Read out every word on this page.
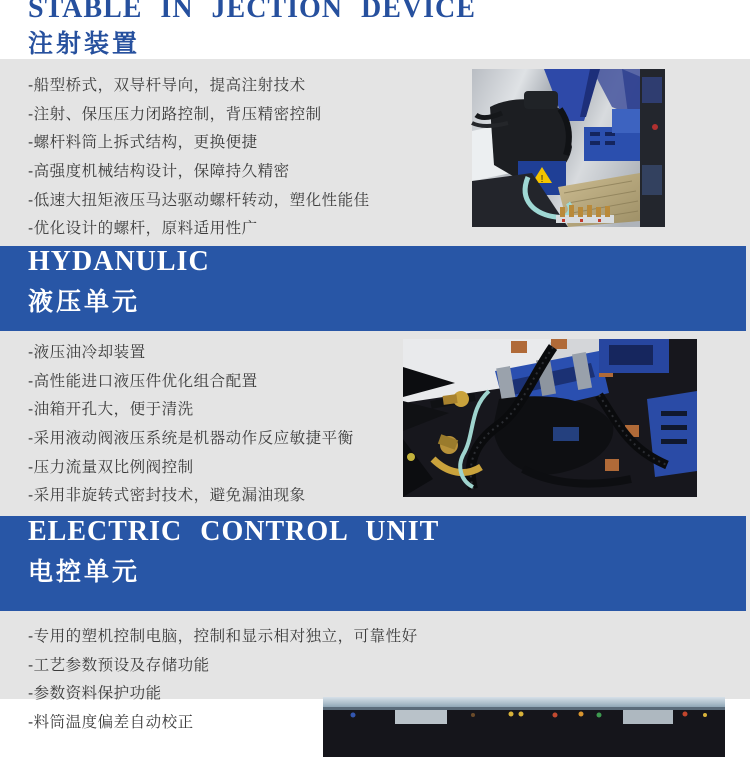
STABLE IN JECTION DEVICE
注射装置
-船型桥式，双导杆导向，提高注射技术
-注射、保压压力闭路控制，背压精密控制
-螺杆料筒上拆式结构，更换便捷
-高强度机械结构设计，保障持久精密
-低速大扭矩液压马达驱动螺杆转动，塑化性能佳
-优化设计的螺杆，原料适用性广
!
HYDANULIC
液压单元
-液压油冷却装置
-高性能进口液压件优化组合配置
-油箱开孔大，便于清洗
-采用液动阀液压系统是机器动作反应敏捷平衡
-压力流量双比例阀控制
-采用非旋转式密封技术，避免漏油现象
ELECTRIC CONTROL UNIT
电控单元
-专用的塑机控制电脑，控制和显示相对独立，可靠性好
-工艺参数预设及存储功能
-参数资料保护功能
-料筒温度偏差自动校正
